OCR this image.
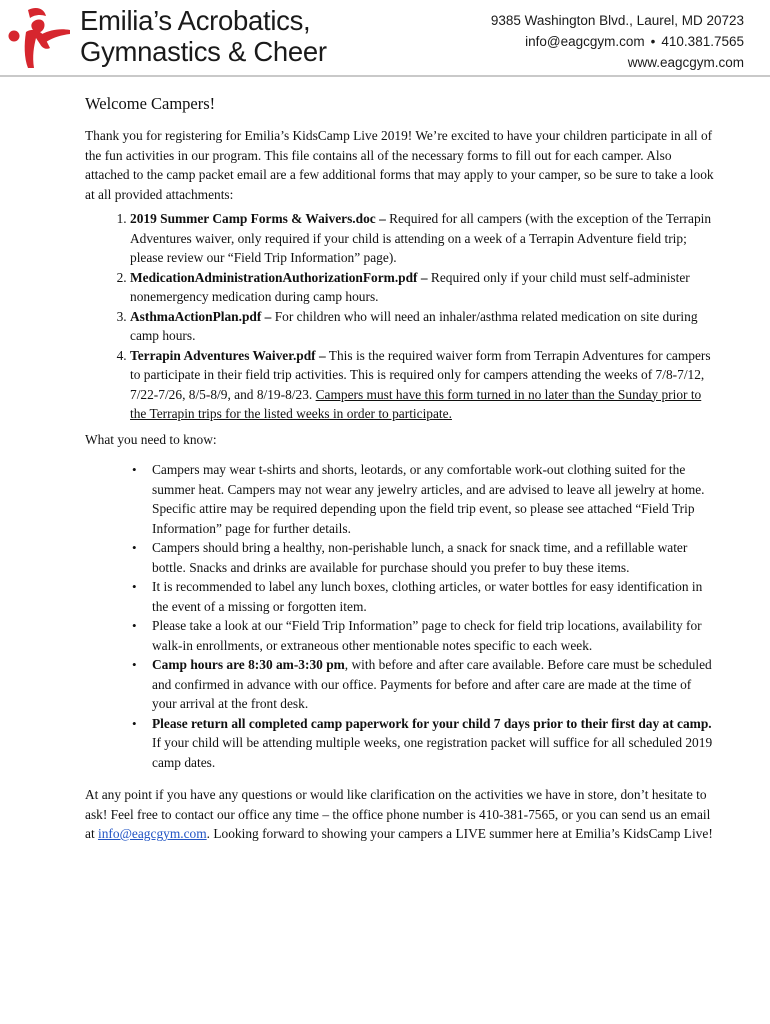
Emilia’s Acrobatics,
Gymnastics & Cheer
9385 Washington Blvd., Laurel, MD 20723
info@eagcgym.com • 410.381.7565
www.eagcgym.com
Welcome Campers!

Thank you for registering for Emilia’s KidsCamp Live 2019! We’re excited to have your children participate in all of the fun activities in our program. This file contains all of the necessary forms to fill out for each camper. Also attached to the camp packet email are a few additional forms that may apply to your camper, so be sure to take a look at all provided attachments:

1. 2019 Summer Camp Forms & Waivers.doc – Required for all campers (with the exception of the Terrapin Adventures waiver, only required if your child is attending on a week of a Terrapin Adventure field trip; please review our “Field Trip Information” page).
2. MedicationAdministrationAuthorizationForm.pdf – Required only if your child must self-administer nonemergency medication during camp hours.
3. AsthmaActionPlan.pdf – For children who will need an inhaler/asthma related medication on site during camp hours.
4. Terrapin Adventures Waiver.pdf – This is the required waiver form from Terrapin Adventures for campers to participate in their field trip activities. This is required only for campers attending the weeks of 7/8-7/12, 7/22-7/26, 8/5-8/9, and 8/19-8/23. Campers must have this form turned in no later than the Sunday prior to the Terrapin trips for the listed weeks in order to participate.

What you need to know:

• Campers may wear t-shirts and shorts, leotards, or any comfortable work-out clothing suited for the summer heat. Campers may not wear any jewelry articles, and are advised to leave all jewelry at home. Specific attire may be required depending upon the field trip event, so please see attached “Field Trip Information” page for further details.
• Campers should bring a healthy, non-perishable lunch, a snack for snack time, and a refillable water bottle. Snacks and drinks are available for purchase should you prefer to buy these items.
• It is recommended to label any lunch boxes, clothing articles, or water bottles for easy identification in the event of a missing or forgotten item.
• Please take a look at our “Field Trip Information” page to check for field trip locations, availability for walk-in enrollments, or extraneous other mentionable notes specific to each week.
• Camp hours are 8:30 am-3:30 pm, with before and after care available. Before care must be scheduled and confirmed in advance with our office. Payments for before and after care are made at the time of your arrival at the front desk.
• Please return all completed camp paperwork for your child 7 days prior to their first day at camp. If your child will be attending multiple weeks, one registration packet will suffice for all scheduled 2019 camp dates.

At any point if you have any questions or would like clarification on the activities we have in store, don’t hesitate to ask! Feel free to contact our office any time – the office phone number is 410-381-7565, or you can send us an email at info@eagcgym.com. Looking forward to showing your campers a LIVE summer here at Emilia’s KidsCamp Live!
